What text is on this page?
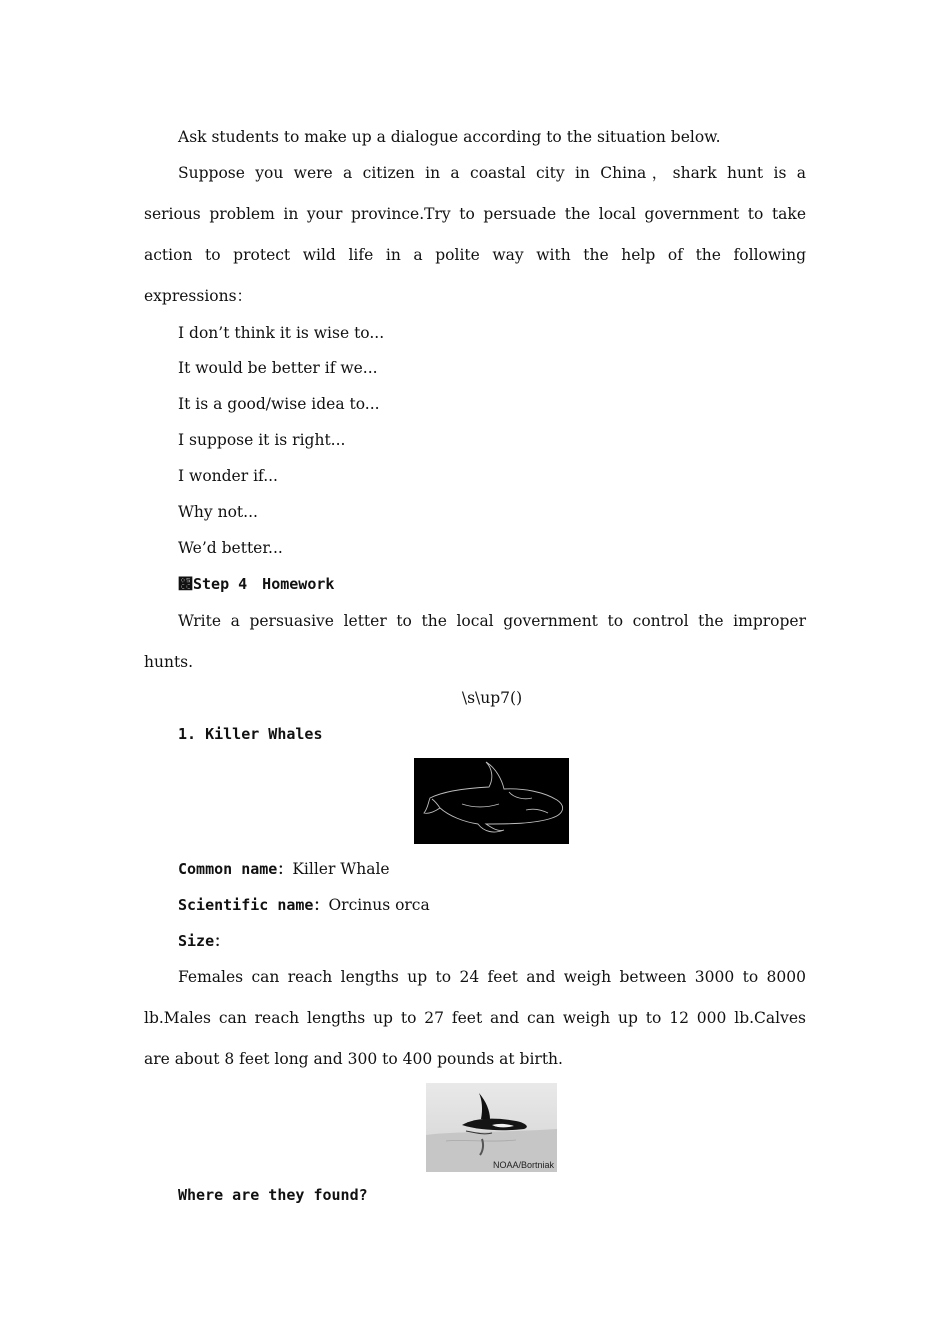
Ask students to make up a dialogue according to the situation below.
Suppose you were a citizen in a coastal city in China，shark hunt is a
serious problem in your province.Try to persuade the local government to take
action to protect wild life in a polite way with the help of the following
expressions：
I don’t think it is wise to...
It would be better if we...
It is a good/wise idea to...
I suppose it is right...
I wonder if...
Why not...
We’d better...
׌Step 4　Homework
Write a persuasive letter to the local government to control the improper
hunts.
\s\up7()
1. Killer Whales
Common name：Killer Whale
Scientific name：Orcinus orca
Size：
Females can reach lengths up to 24 feet and weigh between 3000 to 8000
lb.Males can reach lengths up to 27 feet and can weigh up to 12 000 lb.Calves
are about 8 feet long and 300 to 400 pounds at birth.
NOAA/Bortniak
Where are they found?
